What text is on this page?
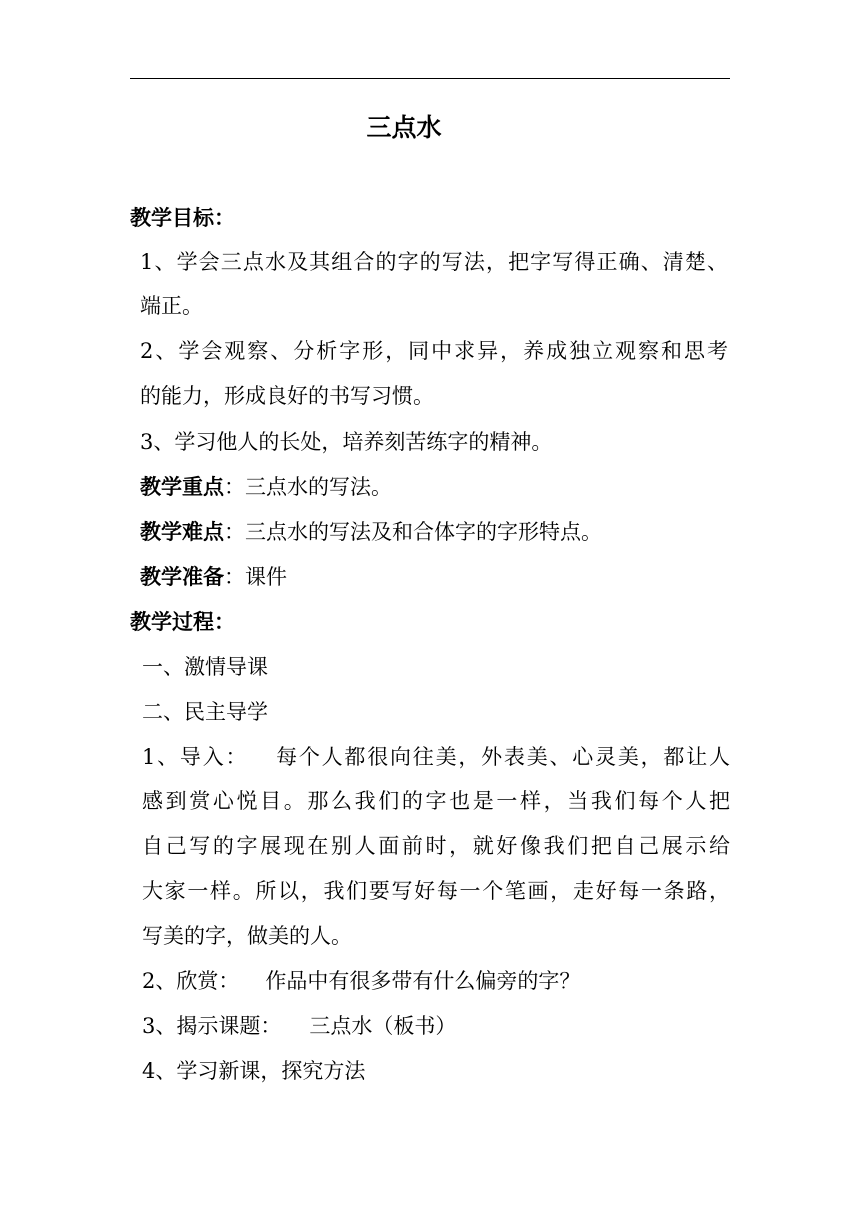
三点水
教学目标：
1、学会三点水及其组合的字的写法，把字写得正确、清楚、
端正。
2、学会观察、分析字形，同中求异，养成独立观察和思考
的能力，形成良好的书写习惯。
3、学习他人的长处，培养刻苦练字的精神。
教学重点：三点水的写法。
教学难点：三点水的写法及和合体字的字形特点。
教学准备：课件
教学过程：
一、激情导课
二、民主导学
1、导入： 每个人都很向往美，外表美、心灵美，都让人
感到赏心悦目。那么我们的字也是一样，当我们每个人把
自己写的字展现在别人面前时，就好像我们把自己展示给
大家一样。所以，我们要写好每一个笔画，走好每一条路，
写美的字，做美的人。
2、欣赏： 作品中有很多带有什么偏旁的字？
3、揭示课题： 三点水（板书）
4、学习新课，探究方法
